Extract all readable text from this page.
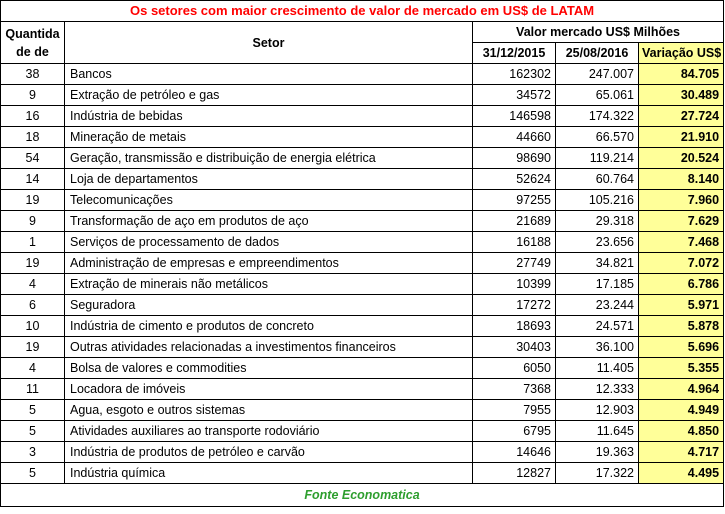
Os setores com maior crescimento de valor de mercado em US$ de LATAM				
Quantida de de	Setor	Valor mercado US$ Milhões		
		31/12/2015	25/08/2016	Variação US$
38	Bancos	162302	247.007	84.705
9	Extração de petróleo e gas	34572	65.061	30.489
16	Indústria de bebidas	146598	174.322	27.724
18	Mineração de metais	44660	66.570	21.910
54	Geração, transmissão e distribuição de energia elétrica	98690	119.214	20.524
14	Loja de departamentos	52624	60.764	8.140
19	Telecomunicações	97255	105.216	7.960
9	Transformação de aço em produtos de aço	21689	29.318	7.629
1	Serviços de processamento de dados	16188	23.656	7.468
19	Administração de empresas e empreendimentos	27749	34.821	7.072
4	Extração de minerais não metálicos	10399	17.185	6.786
6	Seguradora	17272	23.244	5.971
10	Indústria de cimento e produtos de concreto	18693	24.571	5.878
19	Outras atividades relacionadas a investimentos financeiros	30403	36.100	5.696
4	Bolsa de valores e commodities	6050	11.405	5.355
11	Locadora de imóveis	7368	12.333	4.964
5	Agua, esgoto e outros sistemas	7955	12.903	4.949
5	Atividades auxiliares ao transporte rodoviário	6795	11.645	4.850
3	Indústria de produtos de petróleo e carvão	14646	19.363	4.717
5	Indústria química	12827	17.322	4.495
Fonte Economatica				
